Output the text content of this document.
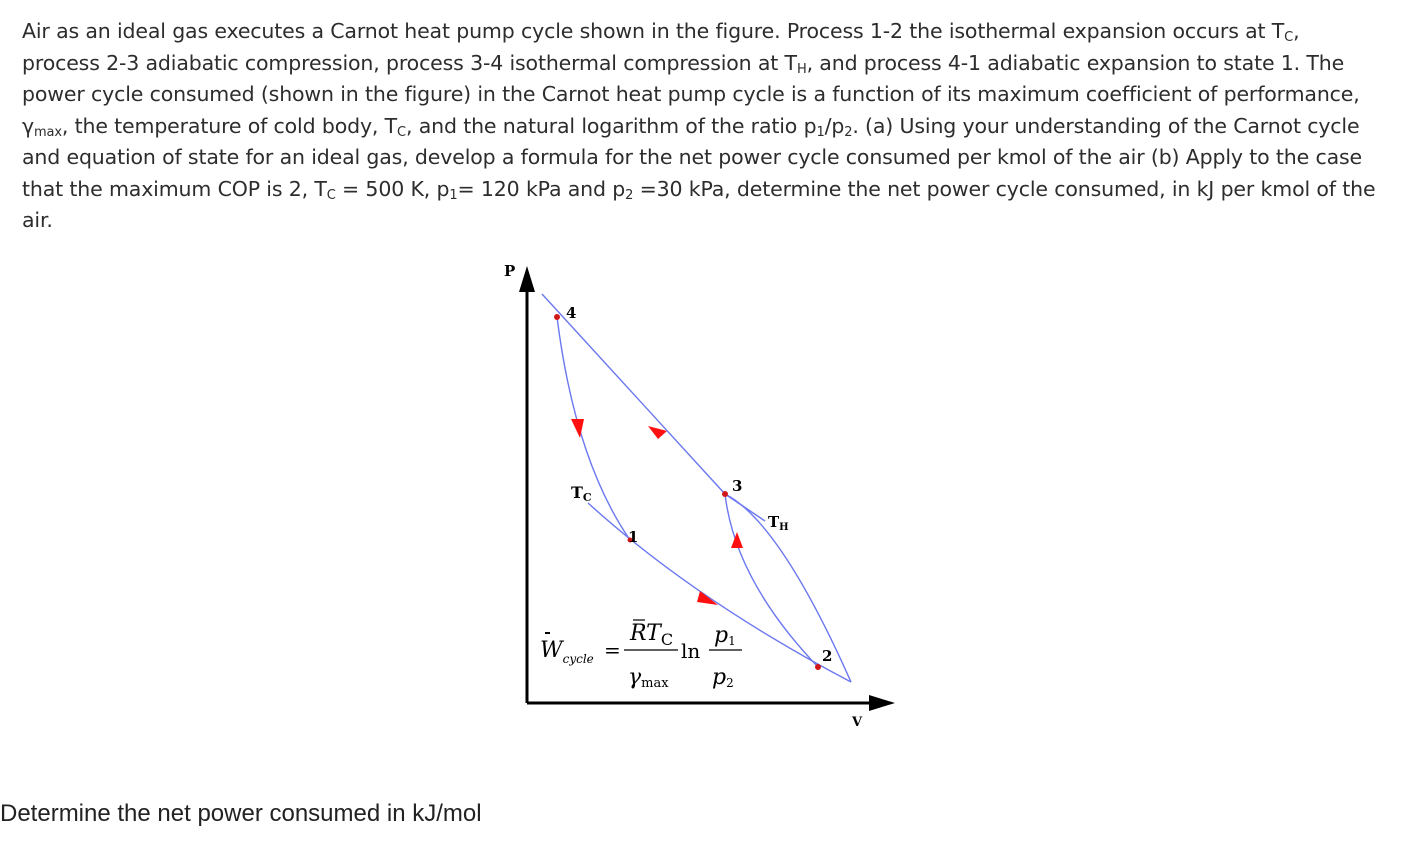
Air as an ideal gas executes a Carnot heat pump cycle shown in the figure. Process 1-2 the isothermal expansion occurs at $T_C$, process 2-3 adiabatic compression, process 3-4 isothermal compression at $T_H$, and process 4-1 adiabatic expansion to state 1. The power cycle consumed (shown in the figure) in the Carnot heat pump cycle is a function of its maximum coefficient of performance, $\gamma_{max}$, the temperature of cold body, $T_C$, and the natural logarithm of the ratio $p_1/p_2$. (a) Using your understanding of the Carnot cycle and equation of state for an ideal gas, develop a formula for the net power cycle consumed per kmol of the air (b) Apply to the case that the maximum COP is 2, $T_C = 500$ K, $p_1= 120$ kPa and $p_2 =30$ kPa, determine the net power cycle consumed, in kJ per kmol of the air.
P
V
4
3
1
2
TC
$T_H$
$W_{cycle}$ =
$RT_C$
γmax
ln
p1
p2
Determine the net power consumed in kJ/mol
